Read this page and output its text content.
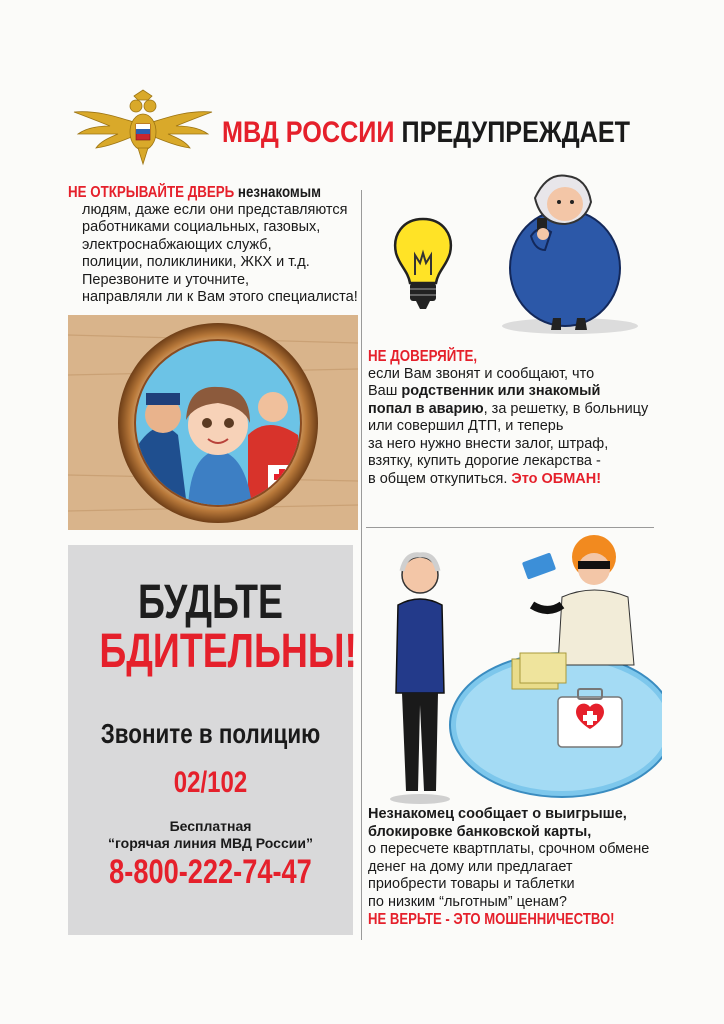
МВД РОССИИ ПРЕДУПРЕЖДАЕТ
НЕ ОТКРЫВАЙТЕ ДВЕРЬ незнакомым
людям, даже если они представляются
работниками социальных, газовых,
электроснабжающих служб,
полиции, поликлиники, ЖКХ и т.д.
Перезвоните и уточните,
направляли ли к Вам этого специалиста!
НЕ ДОВЕРЯЙТЕ,
если Вам звонят и сообщают, что
Ваш родственник или знакомый
попал в аварию, за решетку, в больницу
или совершил ДТП, и теперь
за него нужно внести залог, штраф,
взятку, купить дорогие лекарства -
в общем откупиться. Это ОБМАН!
БУДЬТЕ
БДИТЕЛЬНЫ!
Звоните в полицию
02/102
Бесплатная
“горячая линия МВД России”
8-800-222-74-47
Незнакомец сообщает о выигрыше,
блокировке банковской карты,
о пересчете квартплаты, срочном обмене
денег на дому или предлагает
приобрести товары и таблетки
по низким “льготным” ценам?
НЕ ВЕРЬТЕ - ЭТО МОШЕННИЧЕСТВО!
